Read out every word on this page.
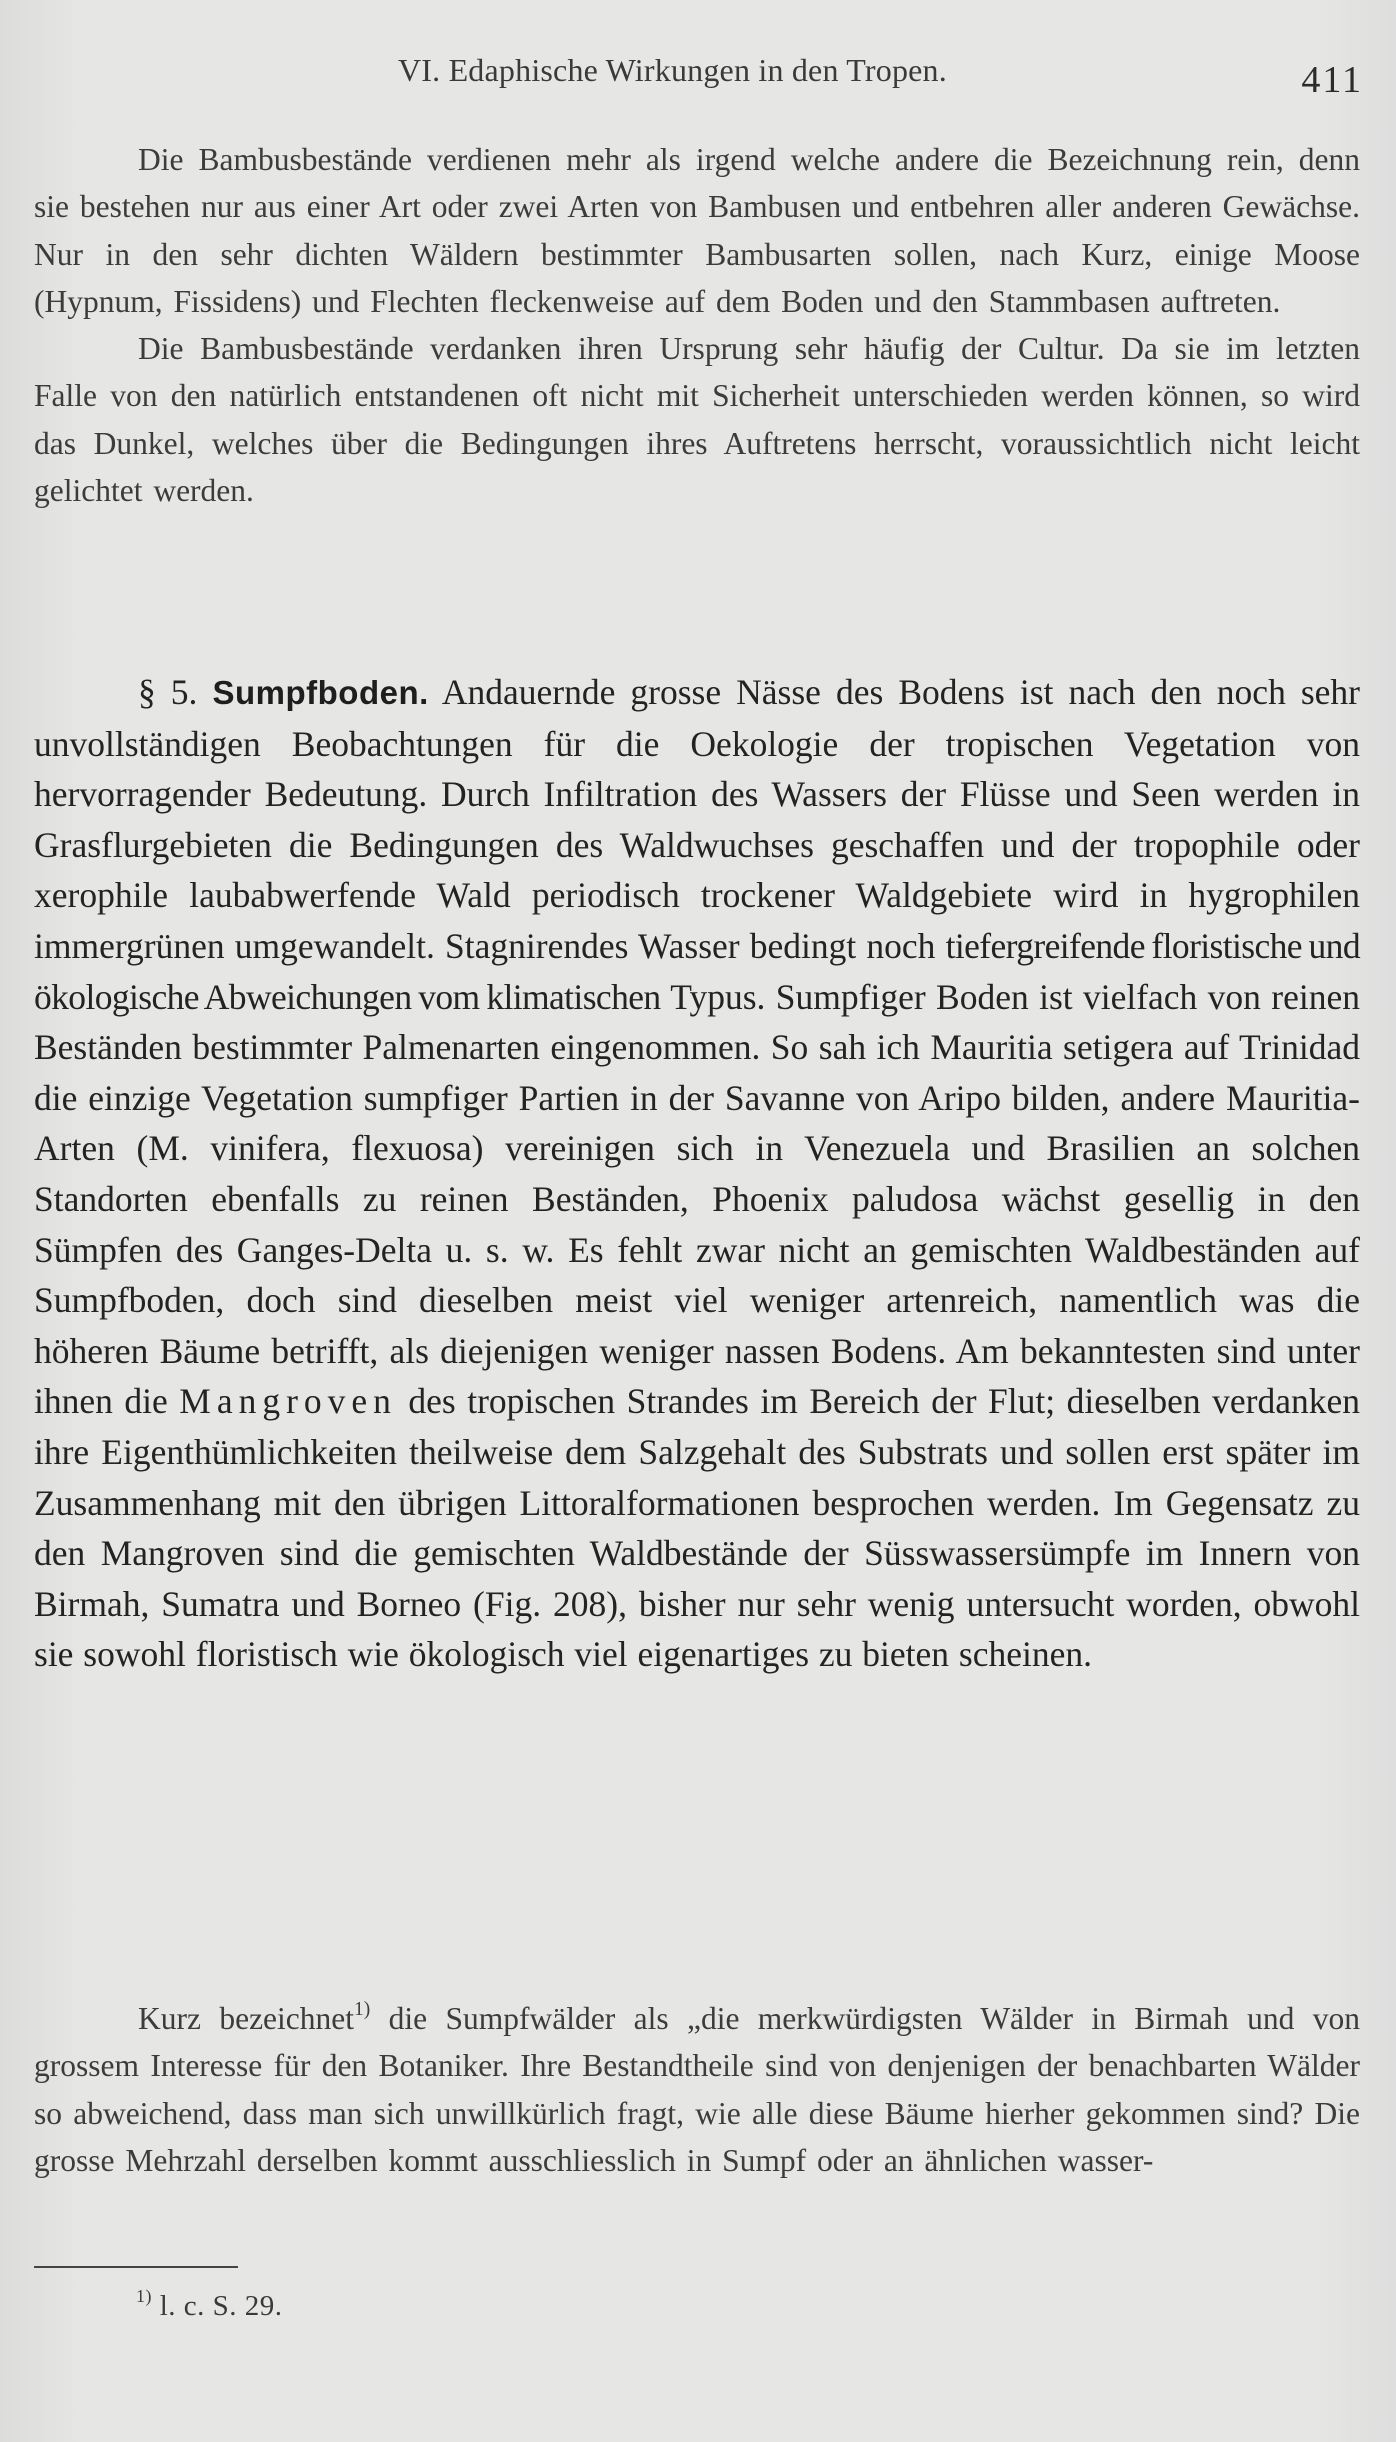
VI. Edaphische Wirkungen in den Tropen.	411

Die Bambusbestände verdienen mehr als irgend welche andere die Bezeichnung rein, denn sie bestehen nur aus einer Art oder zwei Arten von Bambusen und entbehren aller anderen Gewächse. Nur in den sehr dichten Wäldern bestimmter Bambusarten sollen, nach Kurz, einige Moose (Hypnum, Fissidens) und Flechten fleckenweise auf dem Boden und den Stammbasen auftreten.

Die Bambusbestände verdanken ihren Ursprung sehr häufig der Cultur. Da sie im letzten Falle von den natürlich entstandenen oft nicht mit Sicherheit unterschieden werden können, so wird das Dunkel, welches über die Bedingungen ihres Auftretens herrscht, voraussichtlich nicht leicht gelichtet werden.

§ 5. Sumpfboden. Andauernde grosse Nässe des Bodens ist nach den noch sehr unvollständigen Beobachtungen für die Oekologie der tropischen Vegetation von hervorragender Bedeutung. Durch Infiltration des Wassers der Flüsse und Seen werden in Grasflurgebieten die Bedingungen des Waldwuchses geschaffen und der tropophile oder xerophile laubabwerfende Wald periodisch trockener Waldgebiete wird in hygrophilen immergrünen umgewandelt. Stagnirendes Wasser bedingt noch tiefergreifende floristische und ökologische Abweichungen vom klimatischen Typus. Sumpfiger Boden ist vielfach von reinen Beständen bestimmter Palmenarten eingenommen. So sah ich Mauritia setigera auf Trinidad die einzige Vegetation sumpfiger Partien in der Savanne von Aripo bilden, andere Mauritia-Arten (M. vinifera, flexuosa) vereinigen sich in Venezuela und Brasilien an solchen Standorten ebenfalls zu reinen Beständen, Phoenix paludosa wächst gesellig in den Sümpfen des Ganges-Delta u. s. w. Es fehlt zwar nicht an gemischten Waldbeständen auf Sumpfboden, doch sind dieselben meist viel weniger artenreich, namentlich was die höheren Bäume betrifft, als diejenigen weniger nassen Bodens. Am bekanntesten sind unter ihnen die Mangroven des tropischen Strandes im Bereich der Flut; dieselben verdanken ihre Eigenthümlichkeiten theilweise dem Salzgehalt des Substrats und sollen erst später im Zusammenhang mit den übrigen Littoralformationen besprochen werden. Im Gegensatz zu den Mangroven sind die gemischten Waldbestände der Süsswassersümpfe im Innern von Birmah, Sumatra und Borneo (Fig. 208), bisher nur sehr wenig untersucht worden, obwohl sie sowohl floristisch wie ökologisch viel eigenartiges zu bieten scheinen.

Kurz bezeichnet$^{1)}$ die Sumpfwälder als „die merkwürdigsten Wälder in Birmah und von grossem Interesse für den Botaniker. Ihre Bestandtheile sind von denjenigen der benachbarten Wälder so abweichend, dass man sich unwillkürlich fragt, wie alle diese Bäume hierher gekommen sind? Die grosse Mehrzahl derselben kommt ausschliesslich in Sumpf oder an ähnlichen wasser-

$^{1)}$ l. c. S. 29.
